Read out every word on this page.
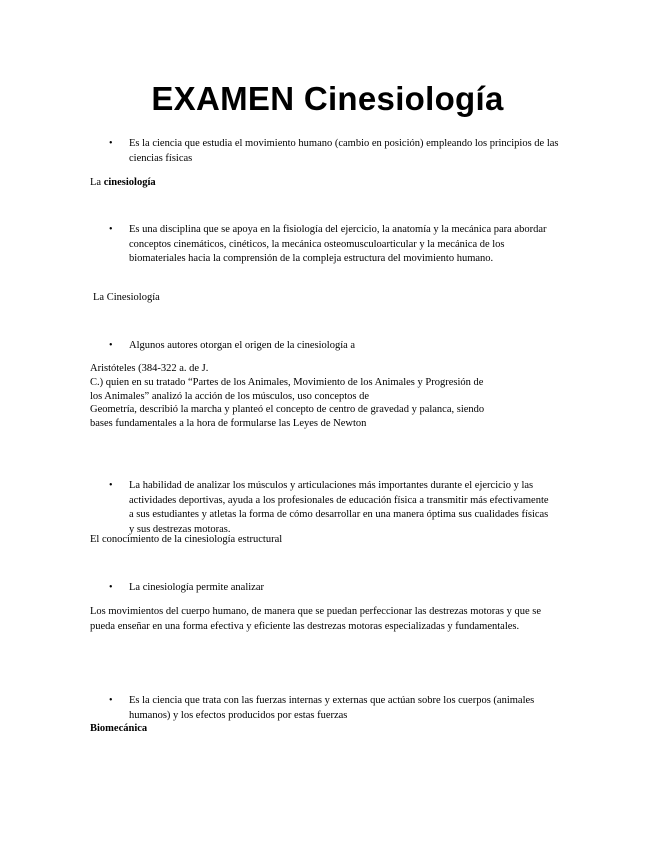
EXAMEN Cinesiología
• Es la ciencia que estudia el movimiento humano (cambio en posición) empleando los principios de las ciencias físicas
La cinesiología
• Es una disciplina que se apoya en la fisiología del ejercicio, la anatomía y la mecánica para abordar conceptos cinemáticos, cinéticos, la mecánica osteomusculoarticular y la mecánica de los biomateriales hacia la comprensión de la compleja estructura del movimiento humano.
La Cinesiología
• Algunos autores otorgan el origen de la cinesiología a
Aristóteles (384-322 a. de J.
C.) quien en su tratado “Partes de los Animales, Movimiento de los Animales y Progresión de
los Animales” analizó la acción de los músculos, uso conceptos de
Geometría, describió la marcha y planteó el concepto de centro de gravedad y palanca, siendo
bases fundamentales a la hora de formularse las Leyes de Newton
• La habilidad de analizar los músculos y articulaciones más importantes durante el ejercicio y las actividades deportivas, ayuda a los profesionales de educación física a transmitir más efectivamente a sus estudiantes y atletas la forma de cómo desarrollar en una manera óptima sus cualidades físicas y sus destrezas motoras.
El conocimiento de la cinesiología estructural
• La cinesiología permite analizar
Los movimientos del cuerpo humano, de manera que se puedan perfeccionar las destrezas motoras y que se pueda enseñar en una forma efectiva y eficiente las destrezas motoras especializadas y fundamentales.
• Es la ciencia que trata con las fuerzas internas y externas que actúan sobre los cuerpos (animales humanos) y los efectos producidos por estas fuerzas
Biomecánica
